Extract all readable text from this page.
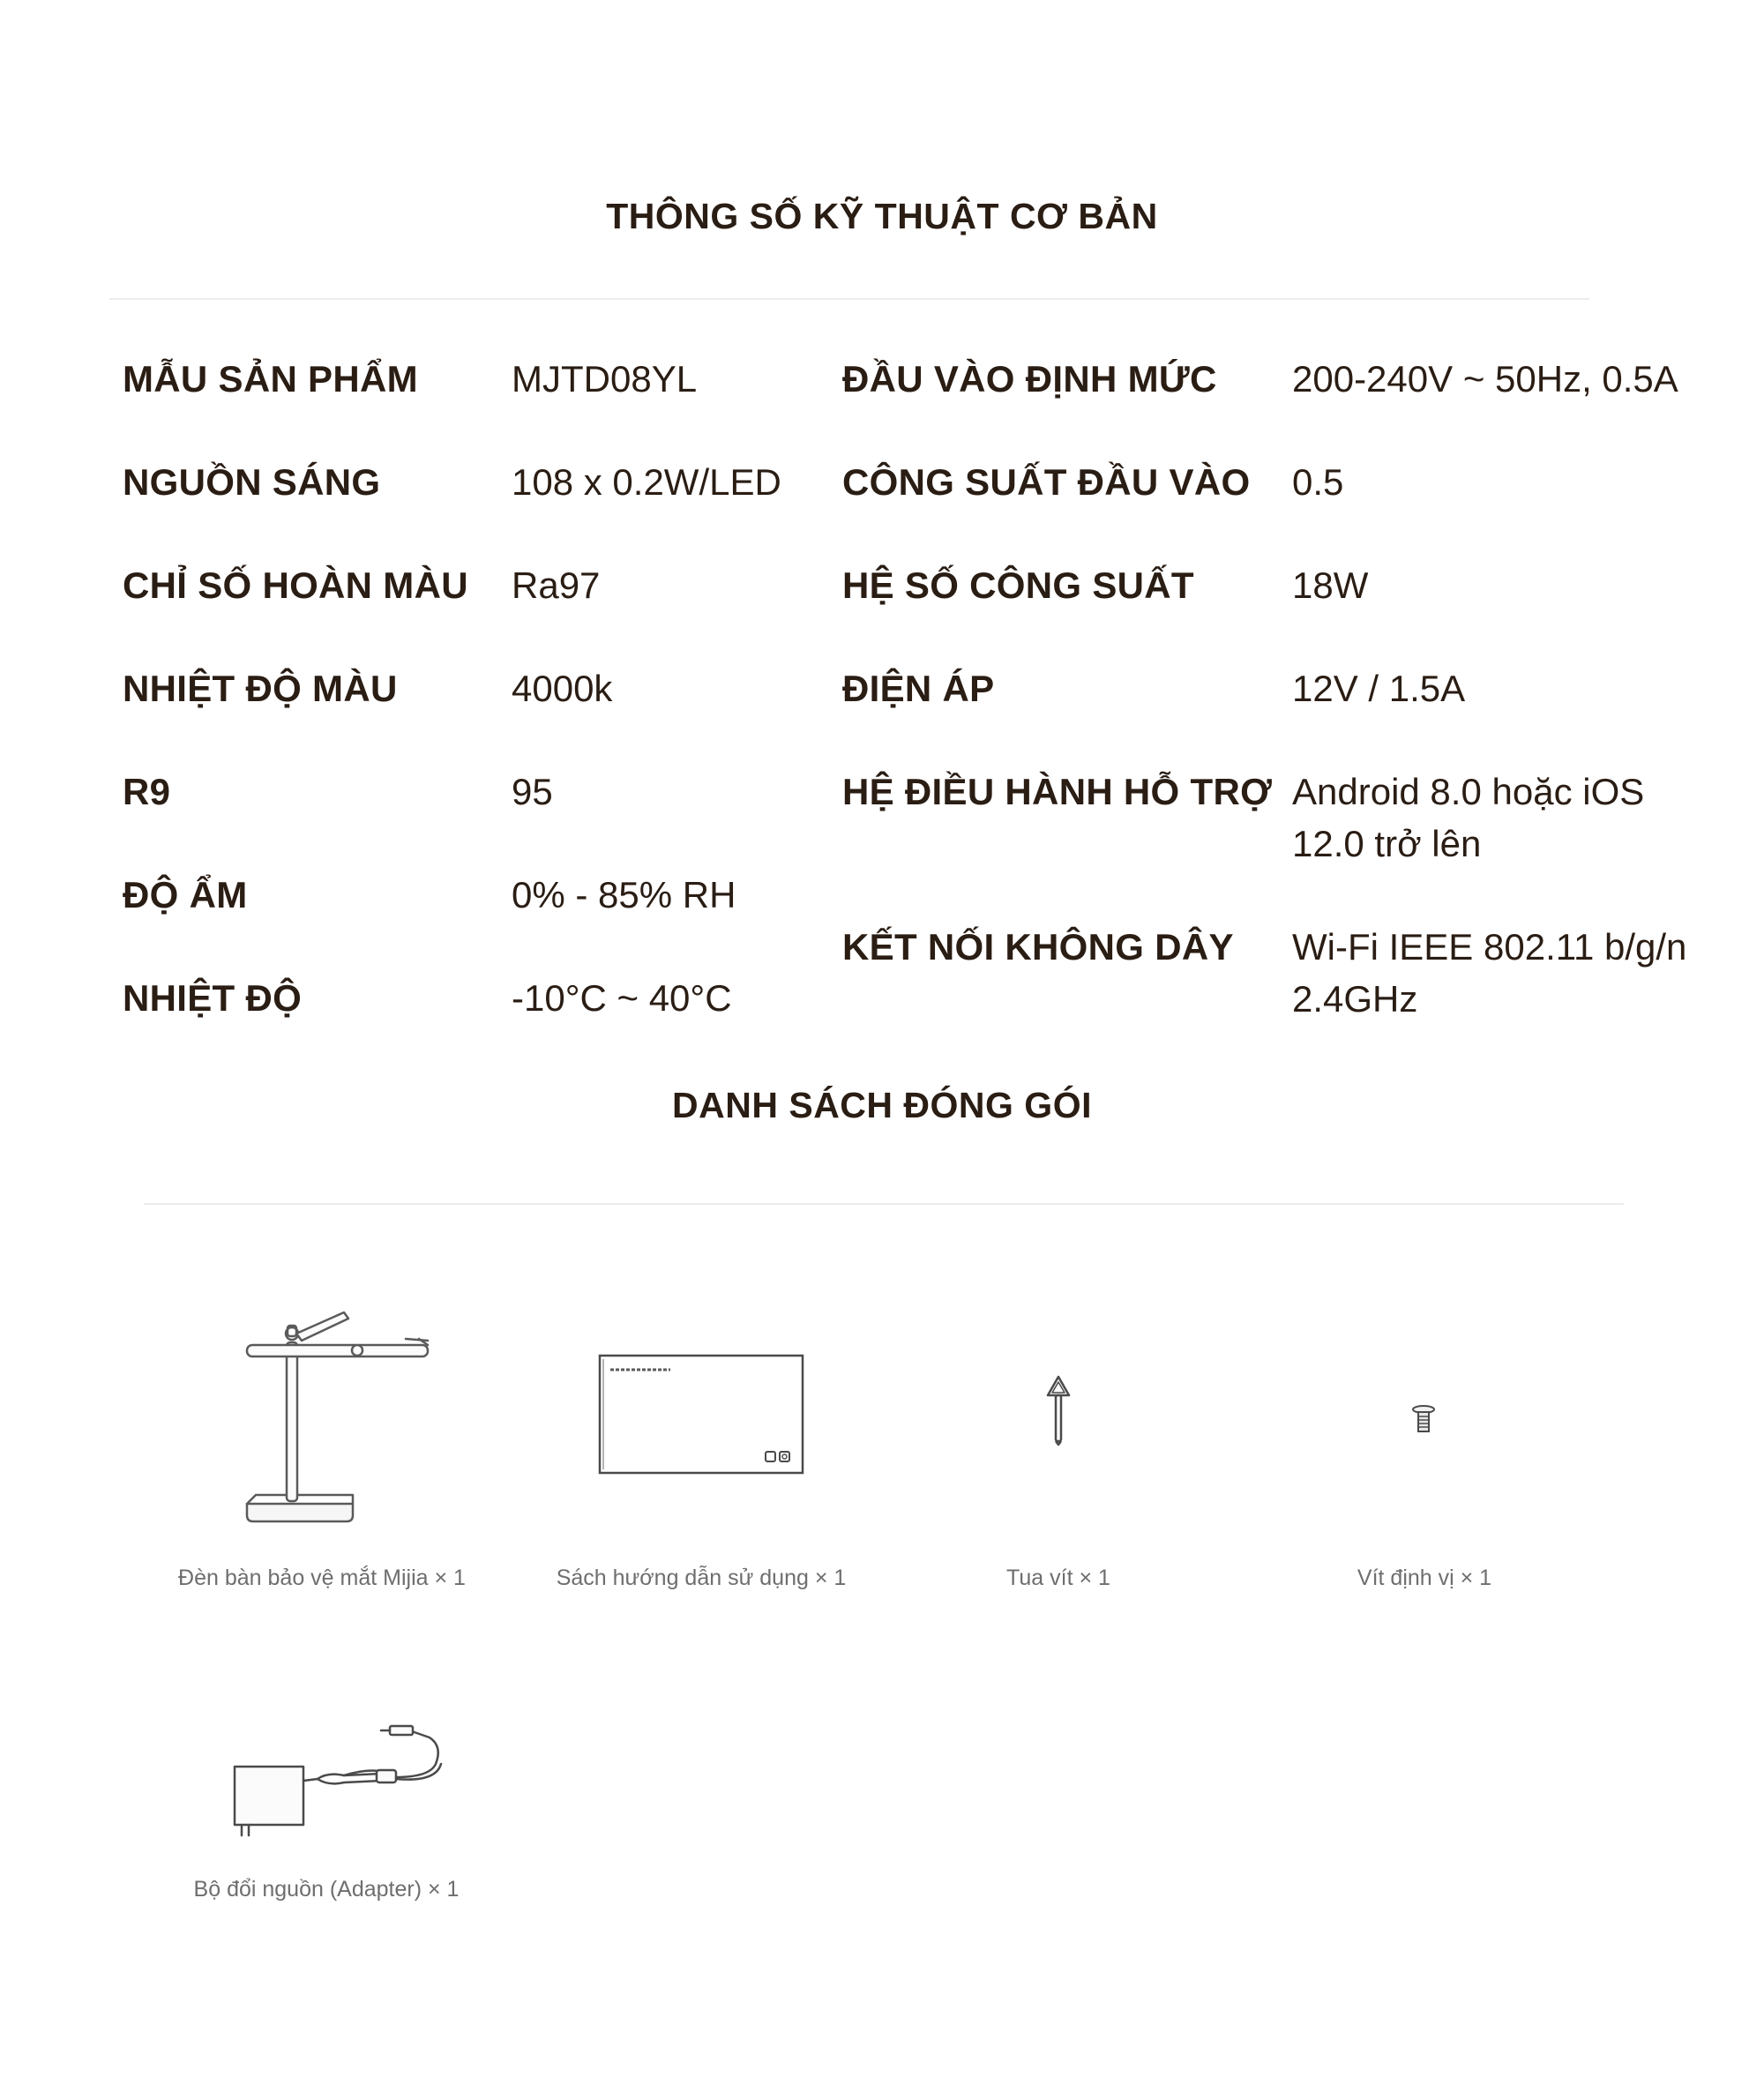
THÔNG SỐ KỸ THUẬT CƠ BẢN
MẪU SẢN PHẨM	MJTD08YL
NGUỒN SÁNG	108 x 0.2W/LED
CHỈ SỐ HOÀN MÀU Ra97
NHIỆT ĐỘ MÀU	4000k
R9	95
ĐỘ ẨM	0% - 85% RH
NHIỆT ĐỘ	-10°C ~ 40°C
ĐẦU VÀO ĐỊNH MỨC 200-240V ~ 50Hz, 0.5A
CÔNG SUẤT ĐẦU VÀO 0.5
HỆ SỐ CÔNG SUẤT	18W
ĐIỆN ÁP	12V / 1.5A
HỆ ĐIỀU HÀNH HỖ TRỢ Android 8.0 hoặc iOS
12.0 trở lên
KẾT NỐI KHÔNG DÂY Wi-Fi IEEE 802.11 b/g/n
2.4GHz
DANH SÁCH ĐÓNG GÓI
Đèn bàn bảo vệ mắt Mijia × 1	Sách hướng dẫn sử dụng × 1	Tua vít × 1	Vít định vị × 1
Bộ đổi nguồn (Adapter) × 1
